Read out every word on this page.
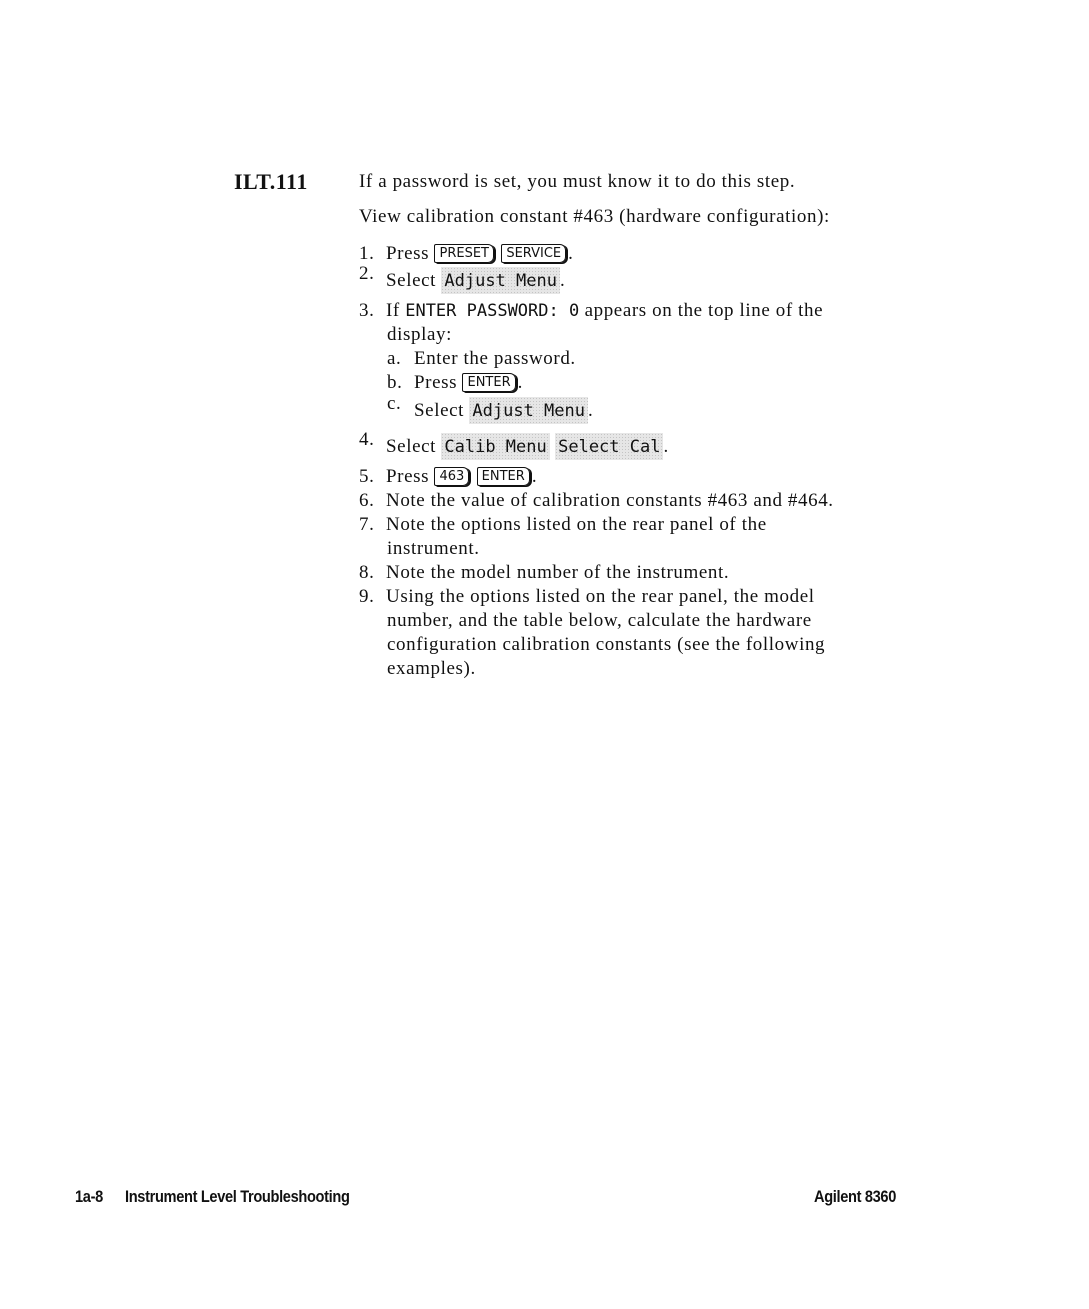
ILT.111	If a password is set, you must know it to do this step.
View calibration constant #463 (hardware configuration):
1. Press PRESET SERVICE .
2. Select Adjust Menu .
3. If ENTER PASSWORD: 0 appears on the top line of the
display:
a. Enter the password.
b. Press ENTER .
c. Select Adjust Menu .
4. Select Calib Menu Select Cal .
5. Press 463 ENTER .
6. Note the value of calibration constants #463 and #464.
7. Note the options listed on the rear panel of the
instrument.
8. Note the model number of the instrument.
9. Using the options listed on the rear panel, the model
number, and the table below, calculate the hardware
configuration calibration constants (see the following
examples).
1a-8 Instrument Level Troubleshooting	Agilent 8360
